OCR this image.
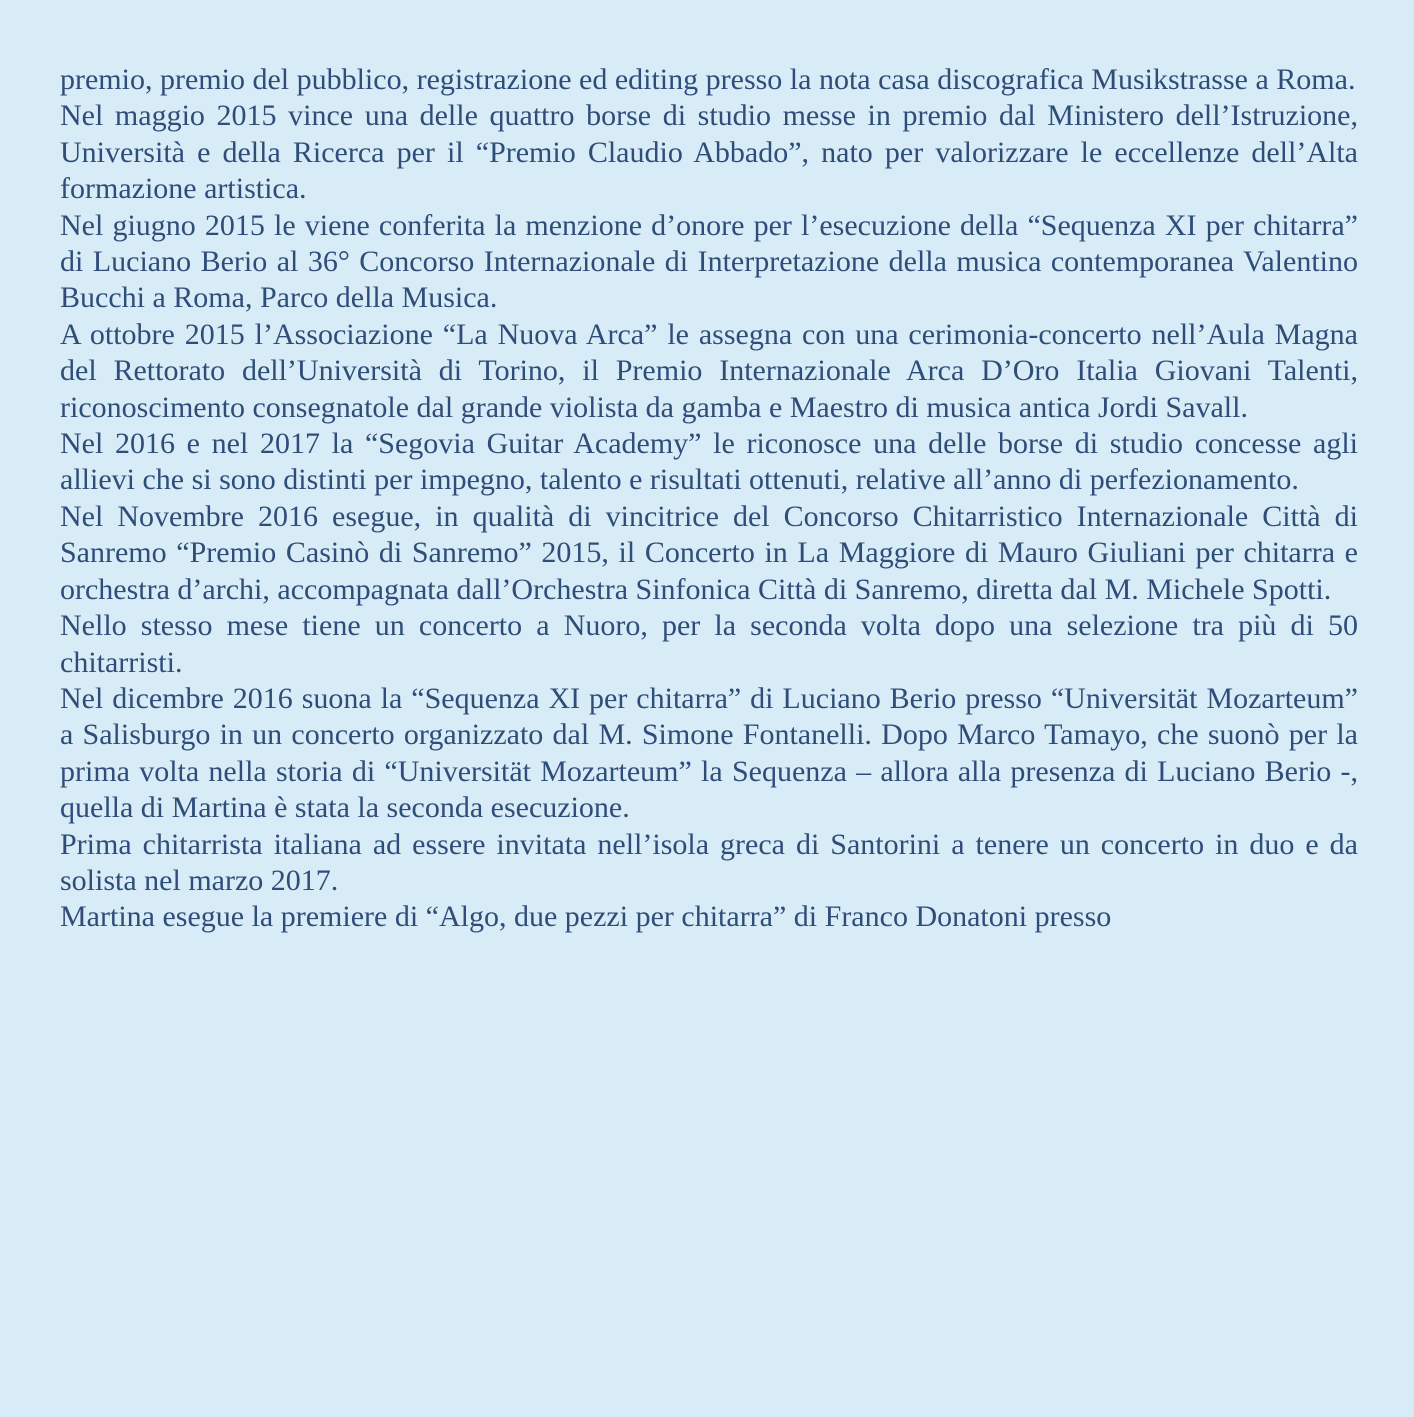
premio, premio del pubblico, registrazione ed editing presso la nota casa discografica Musikstrasse a Roma.

Nel maggio 2015 vince una delle quattro borse di studio messe in premio dal Ministero dell’Istruzione, Università e della Ricerca per il “Premio Claudio Abbado”, nato per valorizzare le eccellenze dell’Alta formazione artistica.

Nel giugno 2015 le viene conferita la menzione d’onore per l’esecuzione della “Sequenza XI per chitarra” di Luciano Berio al 36° Concorso Internazionale di Interpretazione della musica contemporanea Valentino Bucchi a Roma, Parco della Musica.

A ottobre 2015 l’Associazione “La Nuova Arca” le assegna con una cerimonia-concerto nell’Aula Magna del Rettorato dell’Università di Torino, il Premio Internazionale Arca D’Oro Italia Giovani Talenti, riconoscimento consegnatole dal grande violista da gamba e Maestro di musica antica Jordi Savall.

Nel 2016 e nel 2017 la “Segovia Guitar Academy” le riconosce una delle borse di studio concesse agli allievi che si sono distinti per impegno, talento e risultati ottenuti, relative all’anno di perfezionamento.

Nel Novembre 2016 esegue, in qualità di vincitrice del Concorso Chitarristico Internazionale Città di Sanremo “Premio Casinò di Sanremo” 2015, il Concerto in La Maggiore di Mauro Giuliani per chitarra e orchestra d’archi, accompagnata dall’Orchestra Sinfonica Città di Sanremo, diretta dal M. Michele Spotti.

Nello stesso mese tiene un concerto a Nuoro, per la seconda volta dopo una selezione tra più di 50 chitarristi.

Nel dicembre 2016 suona la “Sequenza XI per chitarra” di Luciano Berio presso “Universität Mozarteum” a Salisburgo in un concerto organizzato dal M. Simone Fontanelli. Dopo Marco Tamayo, che suonò per la prima volta nella storia di “Universität Mozarteum” la Sequenza – allora alla presenza di Luciano Berio -, quella di Martina è stata la seconda esecuzione.

Prima chitarrista italiana ad essere invitata nell’isola greca di Santorini a tenere un concerto in duo e da solista nel marzo 2017.

Martina esegue la premiere di “Algo, due pezzi per chitarra” di Franco Donatoni presso
